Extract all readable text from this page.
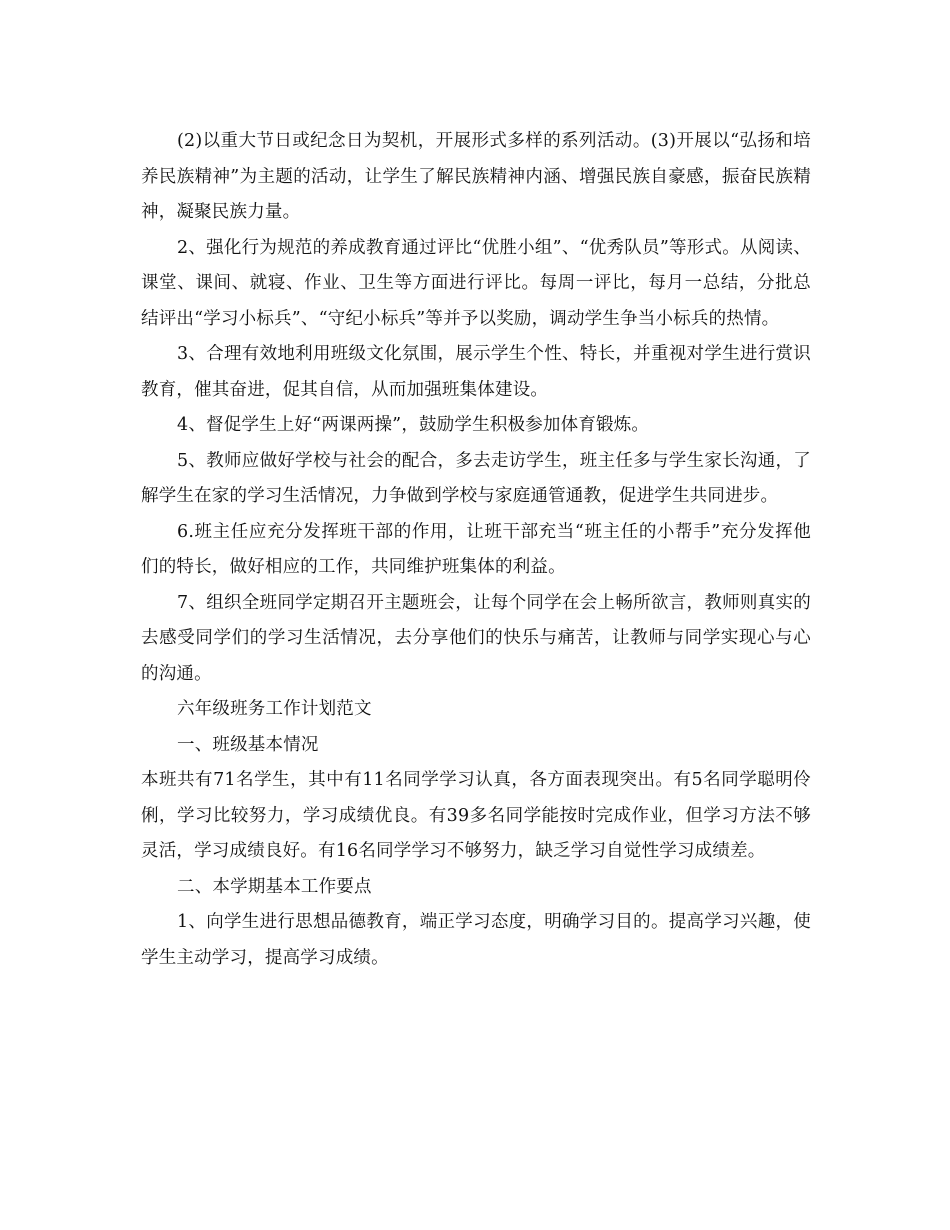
(2)以重大节日或纪念日为契机，开展形式多样的系列活动。(3)开展以“弘扬和培养民族精神”为主题的活动，让学生了解民族精神内涵、增强民族自豪感，振奋民族精神，凝聚民族力量。

2、强化行为规范的养成教育通过评比“优胜小组”、“优秀队员”等形式。从阅读、课堂、课间、就寝、作业、卫生等方面进行评比。每周一评比，每月一总结，分批总结评出“学习小标兵”、“守纪小标兵”等并予以奖励，调动学生争当小标兵的热情。

3、合理有效地利用班级文化氛围，展示学生个性、特长，并重视对学生进行赏识教育，催其奋进，促其自信，从而加强班集体建设。

4、督促学生上好“两课两操”，鼓励学生积极参加体育锻炼。

5、教师应做好学校与社会的配合，多去走访学生，班主任多与学生家长沟通，了解学生在家的学习生活情况，力争做到学校与家庭通管通教，促进学生共同进步。

6.班主任应充分发挥班干部的作用，让班干部充当“班主任的小帮手”充分发挥他们的特长，做好相应的工作，共同维护班集体的利益。

7、组织全班同学定期召开主题班会，让每个同学在会上畅所欲言，教师则真实的去感受同学们的学习生活情况，去分享他们的快乐与痛苦，让教师与同学实现心与心的沟通。

六年级班务工作计划范文

一、班级基本情况

本班共有71名学生，其中有11名同学学习认真，各方面表现突出。有5名同学聪明伶俐，学习比较努力，学习成绩优良。有39多名同学能按时完成作业，但学习方法不够灵活，学习成绩良好。有16名同学学习不够努力，缺乏学习自觉性学习成绩差。

二、本学期基本工作要点

1、向学生进行思想品德教育，端正学习态度，明确学习目的。提高学习兴趣，使学生主动学习，提高学习成绩。
